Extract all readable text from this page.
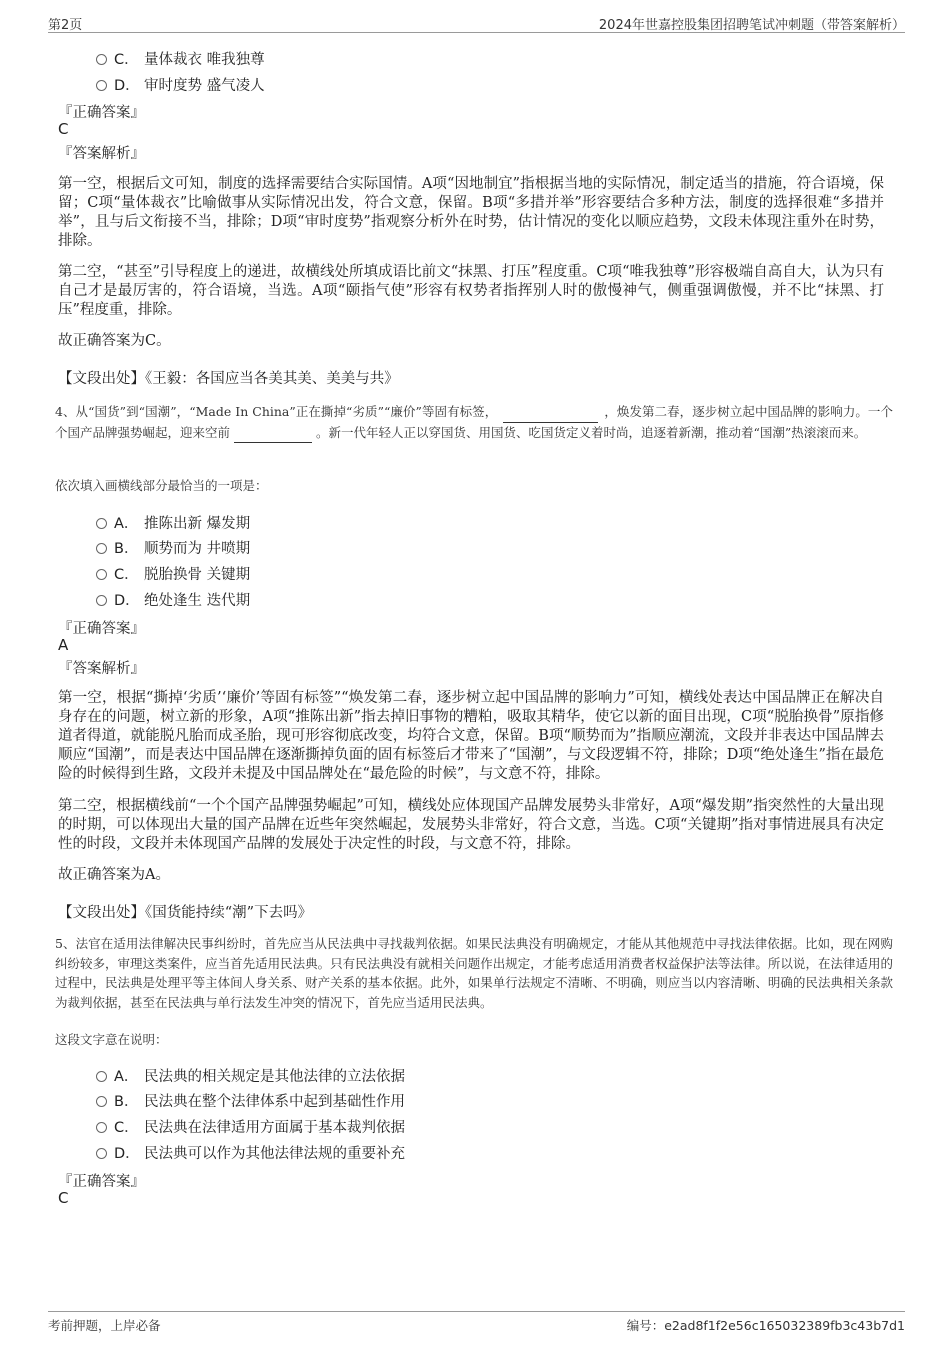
第2页	2024年世嘉控股集团招聘笔试冲刺题（带答案解析）
C． 量体裁衣 唯我独尊
D． 审时度势 盛气凌人
『正确答案』
C
『答案解析』
第一空，根据后文可知，制度的选择需要结合实际国情。A项“因地制宜”指根据当地的实际情况，制定适当的措施，符合语境，保留；C项“量体裁衣”比喻做事从实际情况出发，符合文意，保留。B项“多措并举”形容要结合多种方法，制度的选择很难“多措并举”，且与后文衔接不当，排除；D项“审时度势”指观察分析外在时势，估计情况的变化以顺应趋势，文段未体现注重外在时势，排除。
第二空，“甚至”引导程度上的递进，故横线处所填成语比前文“抹黑、打压”程度重。C项“唯我独尊”形容极端自高自大，认为只有自己才是最厉害的，符合语境，当选。A项“颐指气使”形容有权势者指挥别人时的傲慢神气，侧重强调傲慢，并不比“抹黑、打压”程度重，排除。
故正确答案为C。
【文段出处】《王毅：各国应当各美其美、美美与共》
4、从“国货”到“国潮”，“Made In China”正在撕掉“劣质”“廉价”等固有标签，	，焕发第二春，逐步树立起中国品牌的影响力。一个个国产品牌强势崛起，迎来空前	。新一代年轻人正以穿国货、用国货、吃国货定义着时尚，追逐着新潮，推动着“国潮”热滚滚而来。
依次填入画横线部分最恰当的一项是：
A． 推陈出新 爆发期
B． 顺势而为 井喷期
C． 脱胎换骨 关键期
D． 绝处逢生 迭代期
『正确答案』
A
『答案解析』
第一空，根据“撕掉‘劣质’‘廉价’等固有标签”“焕发第二春，逐步树立起中国品牌的影响力”可知，横线处表达中国品牌正在解决自身存在的问题，树立新的形象，A项“推陈出新”指去掉旧事物的糟粕，吸取其精华，使它以新的面目出现，C项“脱胎换骨”原指修道者得道，就能脱凡胎而成圣胎，现可形容彻底改变，均符合文意，保留。B项“顺势而为”指顺应潮流，文段并非表达中国品牌去顺应“国潮”，而是表达中国品牌在逐渐撕掉负面的固有标签后才带来了“国潮”，与文段逻辑不符，排除；D项“绝处逢生”指在最危险的时候得到生路，文段并未提及中国品牌处在“最危险的时候”，与文意不符，排除。
第二空，根据横线前“一个个国产品牌强势崛起”可知，横线处应体现国产品牌发展势头非常好，A项“爆发期”指突然性的大量出现的时期，可以体现出大量的国产品牌在近些年突然崛起，发展势头非常好，符合文意，当选。C项“关键期”指对事情进展具有决定性的时段，文段并未体现国产品牌的发展处于决定性的时段，与文意不符，排除。
故正确答案为A。
【文段出处】《国货能持续“潮”下去吗》
5、法官在适用法律解决民事纠纷时，首先应当从民法典中寻找裁判依据。如果民法典没有明确规定，才能从其他规范中寻找法律依据。比如，现在网购纠纷较多，审理这类案件，应当首先适用民法典。只有民法典没有就相关问题作出规定，才能考虑适用消费者权益保护法等法律。所以说，在法律适用的过程中，民法典是处理平等主体间人身关系、财产关系的基本依据。此外，如果单行法规定不清晰、不明确，则应当以内容清晰、明确的民法典相关条款为裁判依据，甚至在民法典与单行法发生冲突的情况下，首先应当适用民法典。
这段文字意在说明：
A． 民法典的相关规定是其他法律的立法依据
B． 民法典在整个法律体系中起到基础性作用
C． 民法典在法律适用方面属于基本裁判依据
D． 民法典可以作为其他法律法规的重要补充
『正确答案』
C
考前押题，上岸必备	编号：e2ad8f1f2e56c165032389fb3c43b7d1
